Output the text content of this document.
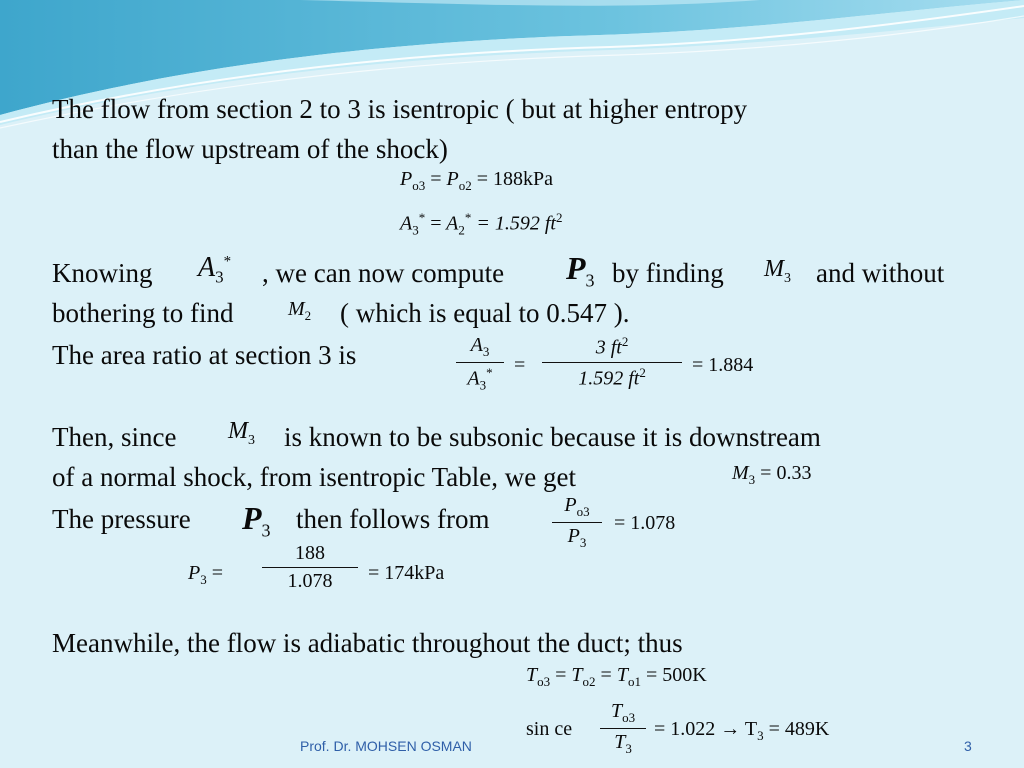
The flow from section 2 to 3 is isentropic ( but at higher entropy
than the flow upstream of the shock)
$P_{o3} = P_{o2} = 188kPa$
$A_3^* = A_2^* = 1.592$ $ft^2$
Knowing $A_3^*$ , we can now compute $P_3$ by finding $M_3$ and without
bothering to find	$M_2$ ( which is equal to 0.547 ).
The area ratio at section 3 is	$A_3$
$A_3^*$	=
3 $ft^2$
1.592 $ft^2$	= 1.884
Then, since $M_3$ is known to be subsonic because it is downstream
of a normal shock, from isentropic Table, we get	$M_3 = 0.33$
The pressure $P_3$ then follows from	$P_{o3}$
$P_3$
= 1.078
$P_3$ =
188
1.078	= 174kPa
Meanwhile, the flow is adiabatic throughout the duct; thus
$T_{o3} = T_{o2} = T_{o1} = 500K$
sin ce
$T_{o3}$
$T_3$
= $1.022 \to T_3 = 489K$
Prof. Dr. MOHSEN OSMAN	3
